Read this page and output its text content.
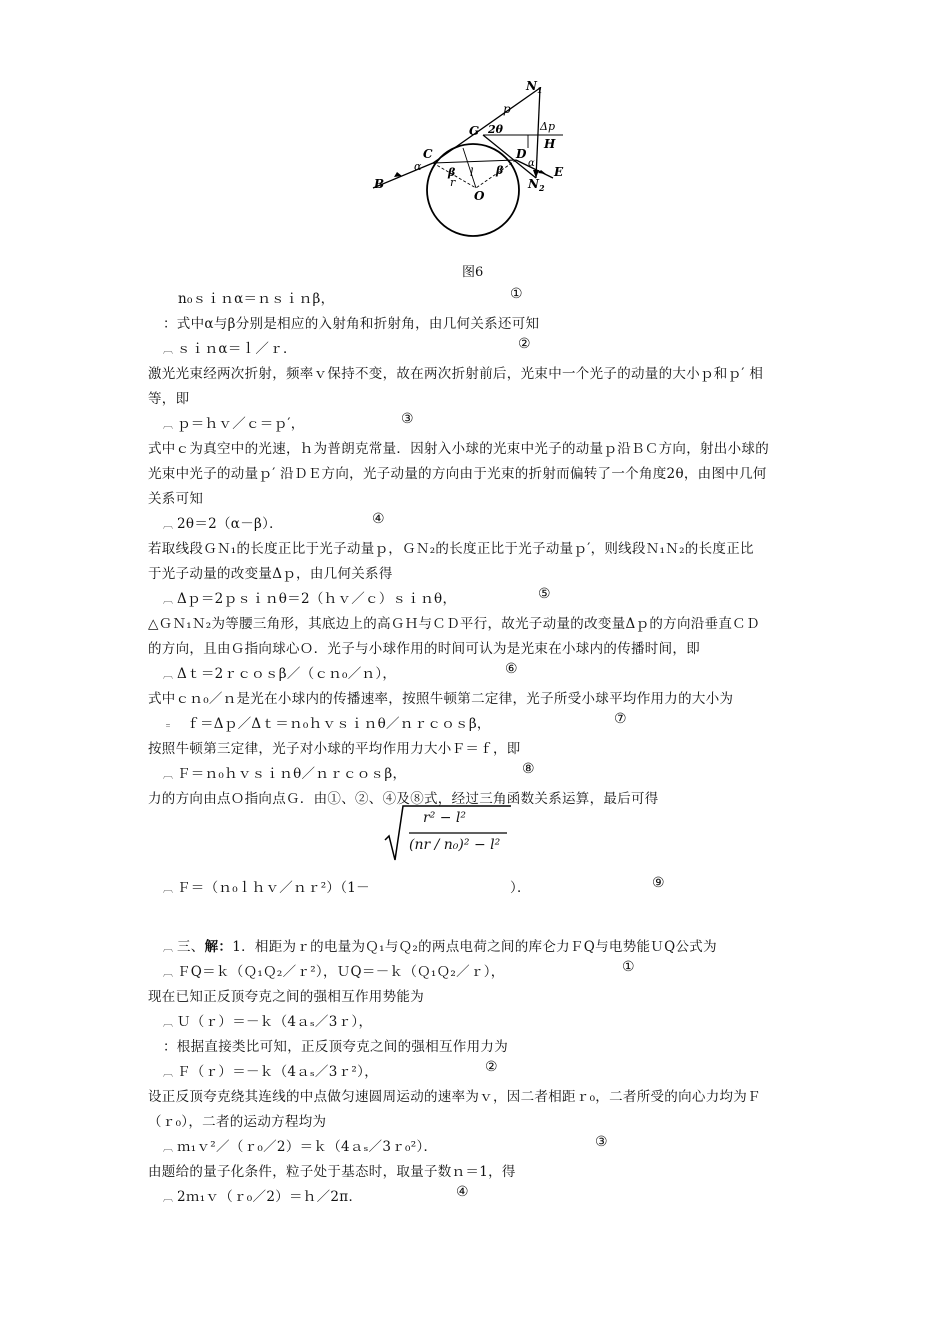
$N_1$
p
G 2θ	Δp
H
C
α β l
r
D
β
α
$N_2$
E
O
B
图6
n₀ｓｉｎα＝ｎｓｉｎβ，	①
：式中α与β分别是相应的入射角和折射角，由几何关系还可知
︹ ｓｉｎα＝ｌ／ｒ．	②
激光光束经两次折射，频率ｖ保持不变，故在两次折射前后，光束中一个光子的动量的大小ｐ和ｐ′ 相
等，即
︹ ｐ＝ｈｖ／ｃ＝ｐ′，	③
式中ｃ为真空中的光速，ｈ为普朗克常量．因射入小球的光束中光子的动量ｐ沿ＢＣ方向，射出小球的
光束中光子的动量ｐ′ 沿ＤＥ方向，光子动量的方向由于光束的折射而偏转了一个角度2θ，由图中几何
关系可知
︹ 2θ＝2（α－β）．	④
若取线段ＧＮ₁的长度正比于光子动量ｐ，ＧＮ₂的长度正比于光子动量ｐ′，则线段Ｎ₁Ｎ₂的长度正比
于光子动量的改变量Δｐ，由几何关系得
︹ Δｐ＝2ｐｓｉｎθ＝2（ｈｖ／ｃ）ｓｉｎθ，	⑤
△ＧＮ₁Ｎ₂为等腰三角形，其底边上的高ＧＨ与ＣＤ平行，故光子动量的改变量Δｐ的方向沿垂直ＣＤ
的方向，且由Ｇ指向球心Ｏ．光子与小球作用的时间可认为是光束在小球内的传播时间，即
︹ Δｔ＝2ｒｃｏｓβ／（ｃｎ₀／ｎ），	⑥
式中ｃｎ₀／ｎ是光在小球内的传播速率，按照牛顿第二定律，光子所受小球平均作用力的大小为
﹦ ｆ＝Δｐ／Δｔ＝ｎ₀ｈｖｓｉｎθ／ｎｒｃｏｓβ，	⑦
按照牛顿第三定律，光子对小球的平均作用力大小Ｆ＝ｆ，即
︹ Ｆ＝ｎ₀ｈｖｓｉｎθ／ｎｒｃｏｓβ，	⑧
力的方向由点Ｏ指向点Ｇ．由①、②、④及⑧式，经过三角函数关系运算，最后可得
r² − l²
(nr / n₀)² − l²
︹ Ｆ＝（ｎ₀ｌｈｖ／ｎｒ²）（1－	）．	⑨
︹ 三、解：1．相距为ｒ的电量为Ｑ₁与Ｑ₂的两点电荷之间的库仑力ＦQ与电势能ＵQ公式为
︹ ＦQ＝ｋ（Ｑ₁Ｑ₂／ｒ²），ＵQ＝－ｋ（Ｑ₁Ｑ₂／ｒ），	①
现在已知正反顶夸克之间的强相互作用势能为
︹ Ｕ（ｒ）＝－ｋ（4ａₛ／3ｒ），
：根据直接类比可知，正反顶夸克之间的强相互作用力为
︹ Ｆ（ｒ）＝－ｋ（4ａₛ／3ｒ²），	②
设正反顶夸克绕其连线的中点做匀速圆周运动的速率为ｖ，因二者相距ｒ₀，二者所受的向心力均为Ｆ
（ｒ₀），二者的运动方程均为
︹ ｍ₁ｖ²／（ｒ₀／2）＝ｋ（4ａₛ／3ｒ₀²）．	③
由题给的量子化条件，粒子处于基态时，取量子数ｎ＝1，得
︹ 2ｍ₁ｖ（ｒ₀／2）＝ｈ／2π．	④
